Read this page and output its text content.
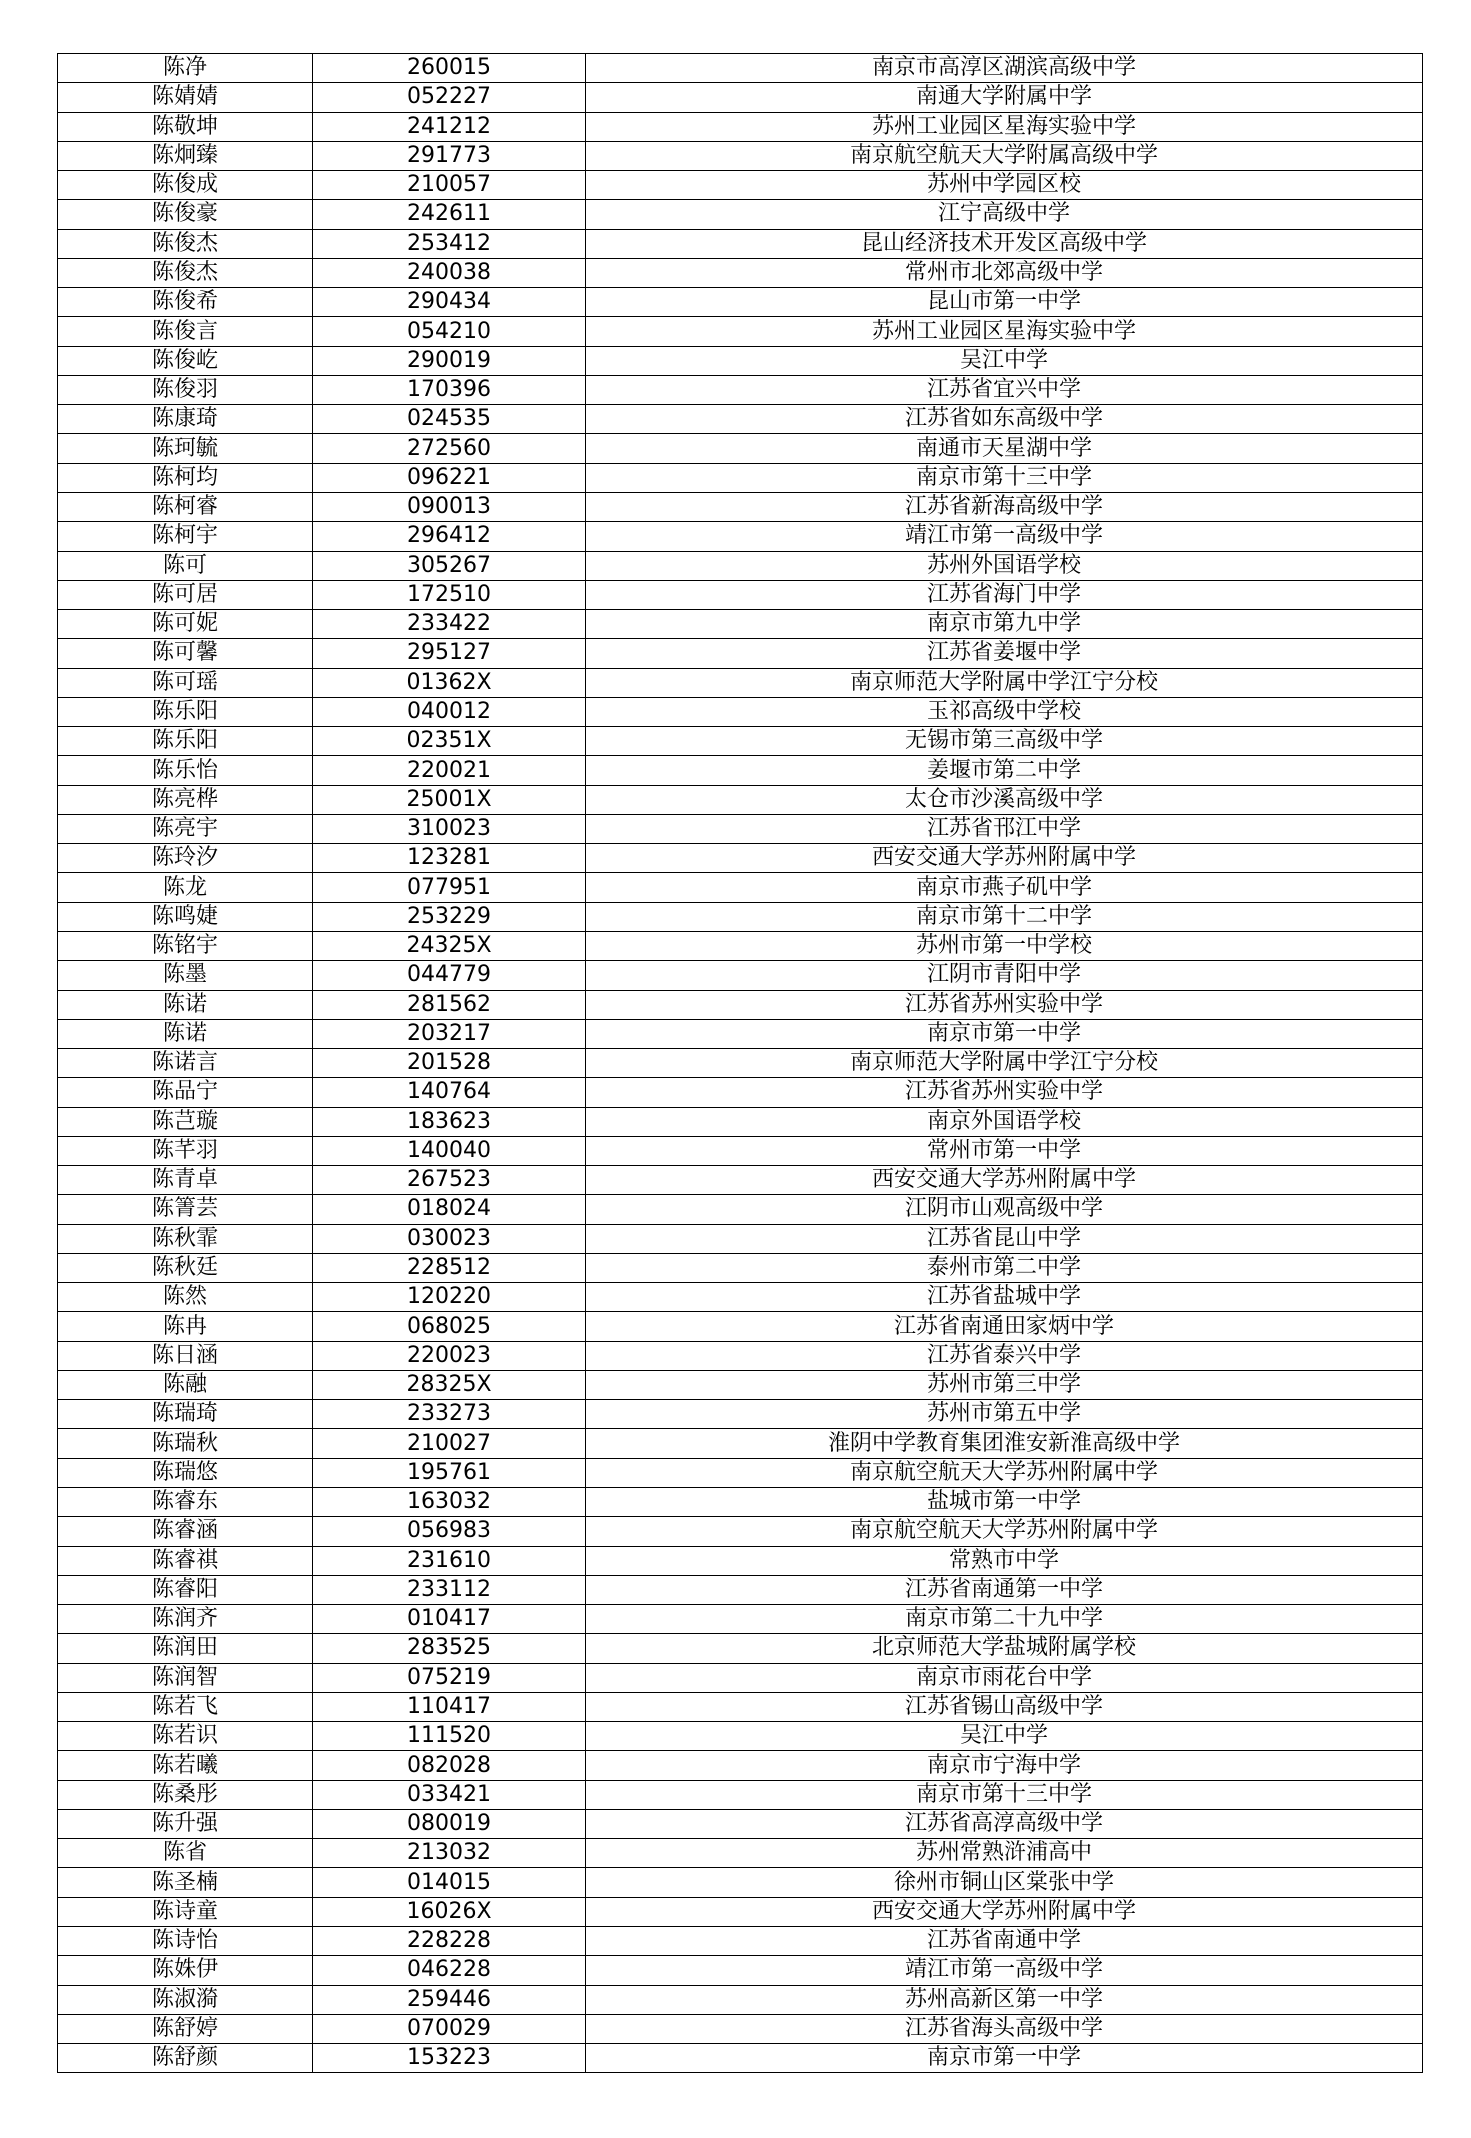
陈净	260015	南京市高淳区湖滨高级中学
陈婧婧	052227	南通大学附属中学
陈敬坤	241212	苏州工业园区星海实验中学
陈炯臻	291773	南京航空航天大学附属高级中学
陈俊成	210057	苏州中学园区校
陈俊豪	242611	江宁高级中学
陈俊杰	253412	昆山经济技术开发区高级中学
陈俊杰	240038	常州市北郊高级中学
陈俊希	290434	昆山市第一中学
陈俊言	054210	苏州工业园区星海实验中学
陈俊屹	290019	吴江中学
陈俊羽	170396	江苏省宜兴中学
陈康琦	024535	江苏省如东高级中学
陈珂毓	272560	南通市天星湖中学
陈柯均	096221	南京市第十三中学
陈柯睿	090013	江苏省新海高级中学
陈柯宇	296412	靖江市第一高级中学
陈可	305267	苏州外国语学校
陈可居	172510	江苏省海门中学
陈可妮	233422	南京市第九中学
陈可馨	295127	江苏省姜堰中学
陈可瑶	01362X	南京师范大学附属中学江宁分校
陈乐阳	040012	玉祁高级中学校
陈乐阳	02351X	无锡市第三高级中学
陈乐怡	220021	姜堰市第二中学
陈亮桦	25001X	太仓市沙溪高级中学
陈亮宇	310023	江苏省邗江中学
陈玲汐	123281	西安交通大学苏州附属中学
陈龙	077951	南京市燕子矶中学
陈鸣婕	253229	南京市第十二中学
陈铭宇	24325X	苏州市第一中学校
陈墨	044779	江阴市青阳中学
陈诺	281562	江苏省苏州实验中学
陈诺	203217	南京市第一中学
陈诺言	201528	南京师范大学附属中学江宁分校
陈品宁	140764	江苏省苏州实验中学
陈芑璇	183623	南京外国语学校
陈芊羽	140040	常州市第一中学
陈青卓	267523	西安交通大学苏州附属中学
陈箐芸	018024	江阴市山观高级中学
陈秋霏	030023	江苏省昆山中学
陈秋廷	228512	泰州市第二中学
陈然	120220	江苏省盐城中学
陈冉	068025	江苏省南通田家炳中学
陈日涵	220023	江苏省泰兴中学
陈融	28325X	苏州市第三中学
陈瑞琦	233273	苏州市第五中学
陈瑞秋	210027	淮阴中学教育集团淮安新淮高级中学
陈瑞悠	195761	南京航空航天大学苏州附属中学
陈睿东	163032	盐城市第一中学
陈睿涵	056983	南京航空航天大学苏州附属中学
陈睿祺	231610	常熟市中学
陈睿阳	233112	江苏省南通第一中学
陈润齐	010417	南京市第二十九中学
陈润田	283525	北京师范大学盐城附属学校
陈润智	075219	南京市雨花台中学
陈若飞	110417	江苏省锡山高级中学
陈若识	111520	吴江中学
陈若曦	082028	南京市宁海中学
陈桑彤	033421	南京市第十三中学
陈升强	080019	江苏省高淳高级中学
陈省	213032	苏州常熟浒浦高中
陈圣楠	014015	徐州市铜山区棠张中学
陈诗童	16026X	西安交通大学苏州附属中学
陈诗怡	228228	江苏省南通中学
陈姝伊	046228	靖江市第一高级中学
陈淑漪	259446	苏州高新区第一中学
陈舒婷	070029	江苏省海头高级中学
陈舒颜	153223	南京市第一中学
